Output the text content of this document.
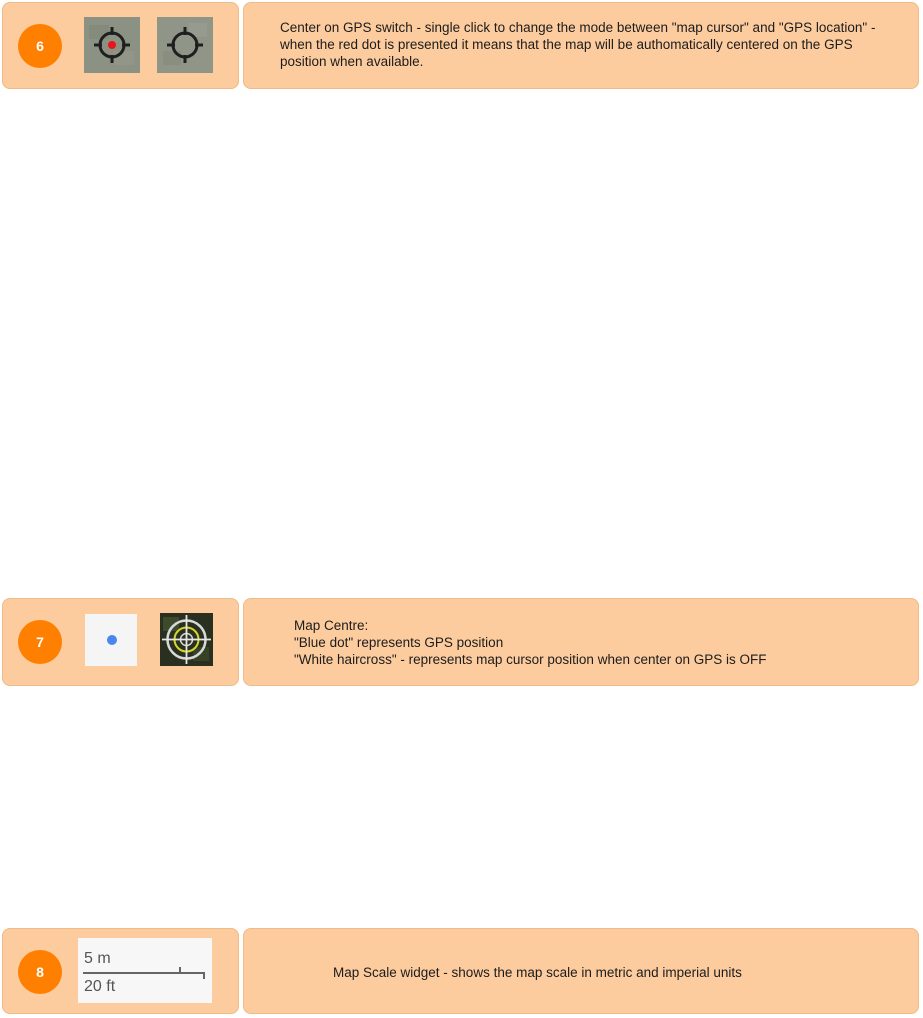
6
Center on GPS switch - single click to change the mode between "map cursor" and "GPS location" - when the red dot is presented it means that the map will be authomatically centered on the GPS position when available.
7
Map Centre:
"Blue dot" represents GPS position
"White haircross" - represents map cursor position when center on GPS is OFF
8
5 m
20 ft
Map Scale widget - shows the map scale in metric and imperial units
